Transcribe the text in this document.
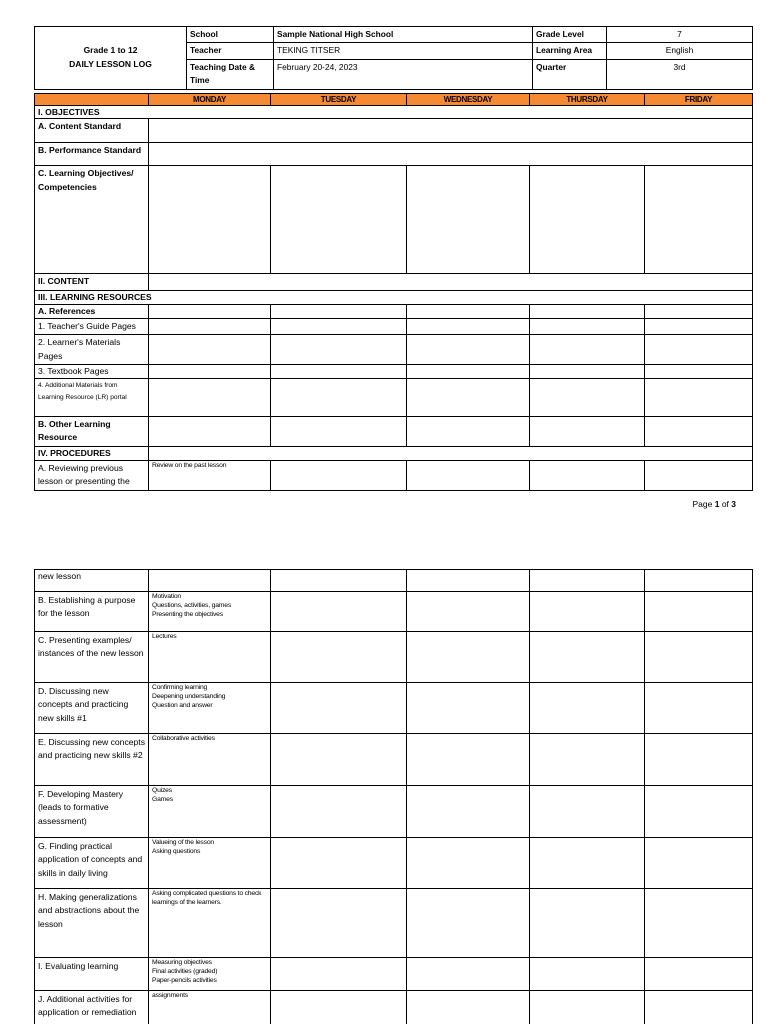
Grade 1 to 12
DAILY LESSON LOG	School	Sample National High School	Grade Level	7
	Teacher	TEKING TITSER	Learning Area	English
	Teaching Date & Time	February 20-24, 2023	Quarter	3rd
	MONDAY	TUESDAY	WEDNESDAY	THURSDAY	FRIDAY
I. OBJECTIVES					
A. Content Standard					
B. Performance Standard					
C. Learning Objectives/ Competencies					
II. CONTENT					
III. LEARNING RESOURCES					
A. References					
1. Teacher's Guide Pages					
2. Learner's Materials Pages					
3. Textbook Pages					
4. Additional Materials from Learning Resource (LR) portal					
B. Other Learning Resource					
IV. PROCEDURES					
A. Reviewing previous lesson or presenting the	Review on the past lesson				
Page 1 of 3
new lesson					
B. Establishing a purpose for the lesson	Motivation
Questions, activities, games
Presenting the objectives				
C. Presenting examples/ instances of the new lesson	Lectures				
D. Discussing new concepts and practicing new skills #1	Confirming learning
Deepening understanding
Question and answer				
E. Discussing new concepts and practicing new skills #2	Collaborative activities				
F. Developing Mastery (leads to formative assessment)	Quizes
Games				
G. Finding practical application of concepts and skills in daily living	Valueing of the lesson
Asking questions				
H. Making generalizations and abstractions about the lesson	Asking complicated questions to check learnings of the learners.				
I. Evaluating learning	Measuring objectives
Final activities (graded)
Paper-pencils activities				
J. Additional activities for application or remediation	assignments				
